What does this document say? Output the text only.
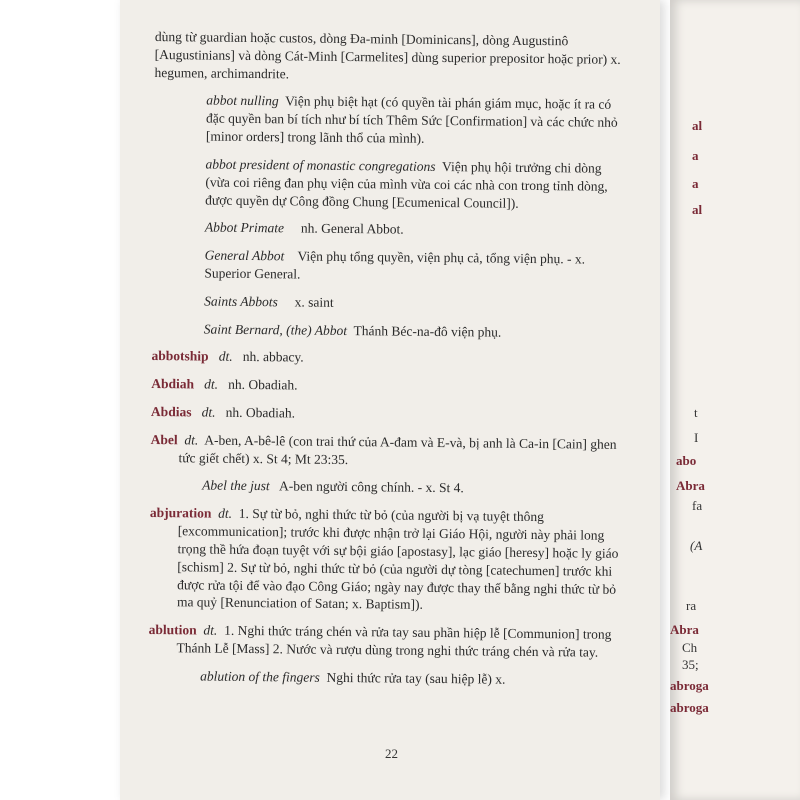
dùng từ guardian hoặc custos, dòng Đa-minh [Dominicans], dòng Augustinô [Augustinians] và dòng Cát-Minh [Carmelites] dùng superior prepositor hoặc prior) x. hegumen, archimandrite.

abbot nulling Viện phụ biệt hạt (có quyền tài phán giám mục, hoặc ít ra có đặc quyền ban bí tích như bí tích Thêm Sức [Confirmation] và các chức nhỏ [minor orders] trong lãnh thổ của mình).

abbot president of monastic congregations Viện phụ hội trưởng chi dòng (vừa coi riêng đan phụ viện của mình vừa coi các nhà con trong tỉnh dòng, được quyền dự Công đồng Chung [Ecumenical Council]).

Abbot Primate nh. General Abbot.

General Abbot Viện phụ tổng quyền, viện phụ cả, tổng viện phụ. - x. Superior General.

Saints Abbots x. saint

Saint Bernard, (the) Abbot Thánh Béc-na-đô viện phụ.

abbotship dt. nh. abbacy.

Abdiah dt. nh. Obadiah.

Abdias dt. nh. Obadiah.

Abel dt. A-ben, A-bê-lê (con trai thứ của A-đam và E-và, bị anh là Ca-in [Cain] ghen tức giết chết) x. St 4; Mt 23:35.

Abel the just A-ben người công chính. - x. St 4.

abjuration dt. 1. Sự từ bỏ, nghi thức từ bỏ (của người bị vạ tuyệt thông [excommunication]; trước khi được nhận trở lại Giáo Hội, người này phải long trọng thề hứa đoạn tuyệt với sự bội giáo [apostasy], lạc giáo [heresy] hoặc ly giáo [schism] 2. Sự từ bỏ, nghi thức từ bỏ (của người dự tòng [catechumen] trước khi được rửa tội để vào đạo Công Giáo; ngày nay được thay thế bằng nghi thức từ bỏ ma quỷ [Renunciation of Satan; x. Baptism]).

ablution dt. 1. Nghi thức tráng chén và rửa tay sau phần hiệp lễ [Communion] trong Thánh Lễ [Mass] 2. Nước và rượu dùng trong nghi thức tráng chén và rửa tay.

ablution of the fingers Nghi thức rửa tay (sau hiệp lễ) x.

22
al
a
a
al
t
I
abo
Abra
fa
(A
ra
Abra
Ch
35;
abroga
abroga
